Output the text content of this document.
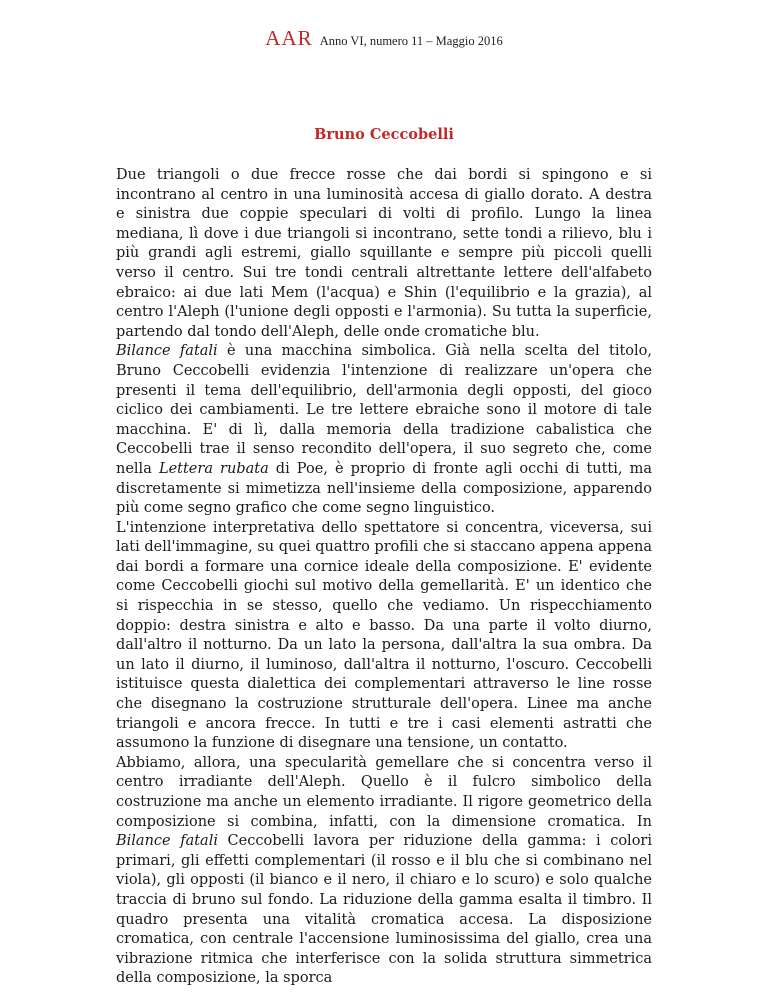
AAR Anno VI, numero 11 – Maggio 2016
Bruno Ceccobelli

Due triangoli o due frecce rosse che dai bordi si spingono e si incontrano al centro in una luminosità accesa di giallo dorato. A destra e sinistra due coppie speculari di volti di profilo. Lungo la linea mediana, lì dove i due triangoli si incontrano, sette tondi a rilievo, blu i più grandi agli estremi, giallo squillante e sempre più piccoli quelli verso il centro. Sui tre tondi centrali altrettante lettere dell'alfabeto ebraico: ai due lati Mem (l'acqua) e Shin (l'equilibrio e la grazia), al centro l'Aleph (l'unione degli opposti e l'armonia). Su tutta la superficie, partendo dal tondo dell'Aleph, delle onde cromatiche blu.

Bilance fatali è una macchina simbolica. Già nella scelta del titolo, Bruno Ceccobelli evidenzia l'intenzione di realizzare un'opera che presenti il tema dell'equilibrio, dell'armonia degli opposti, del gioco ciclico dei cambiamenti. Le tre lettere ebraiche sono il motore di tale macchina. E' di lì, dalla memoria della tradizione cabalistica che Ceccobelli trae il senso recondito dell'opera, il suo segreto che, come nella Lettera rubata di Poe, è proprio di fronte agli occhi di tutti, ma discretamente si mimetizza nell'insieme della composizione, apparendo più come segno grafico che come segno linguistico.

L'intenzione interpretativa dello spettatore si concentra, viceversa, sui lati dell'immagine, su quei quattro profili che si staccano appena appena dai bordi a formare una cornice ideale della composizione. E' evidente come Ceccobelli giochi sul motivo della gemellarità. E' un identico che si rispecchia in se stesso, quello che vediamo. Un rispecchiamento doppio: destra sinistra e alto e basso. Da una parte il volto diurno, dall'altro il notturno. Da un lato la persona, dall'altra la sua ombra. Da un lato il diurno, il luminoso, dall'altra il notturno, l'oscuro. Ceccobelli istituisce questa dialettica dei complementari attraverso le line rosse che disegnano la costruzione strutturale dell'opera. Linee ma anche triangoli e ancora frecce. In tutti e tre i casi elementi astratti che assumono la funzione di disegnare una tensione, un contatto.

Abbiamo, allora, una specularità gemellare che si concentra verso il centro irradiante dell'Aleph. Quello è il fulcro simbolico della costruzione ma anche un elemento irradiante. Il rigore geometrico della composizione si combina, infatti, con la dimensione cromatica. In Bilance fatali Ceccobelli lavora per riduzione della gamma: i colori primari, gli effetti complementari (il rosso e il blu che si combinano nel viola), gli opposti (il bianco e il nero, il chiaro e lo scuro) e solo qualche traccia di bruno sul fondo. La riduzione della gamma esalta il timbro. Il quadro presenta una vitalità cromatica accesa. La disposizione cromatica, con centrale l'accensione luminosissima del giallo, crea una vibrazione ritmica che interferisce con la solida struttura simmetrica della composizione, la sporca
